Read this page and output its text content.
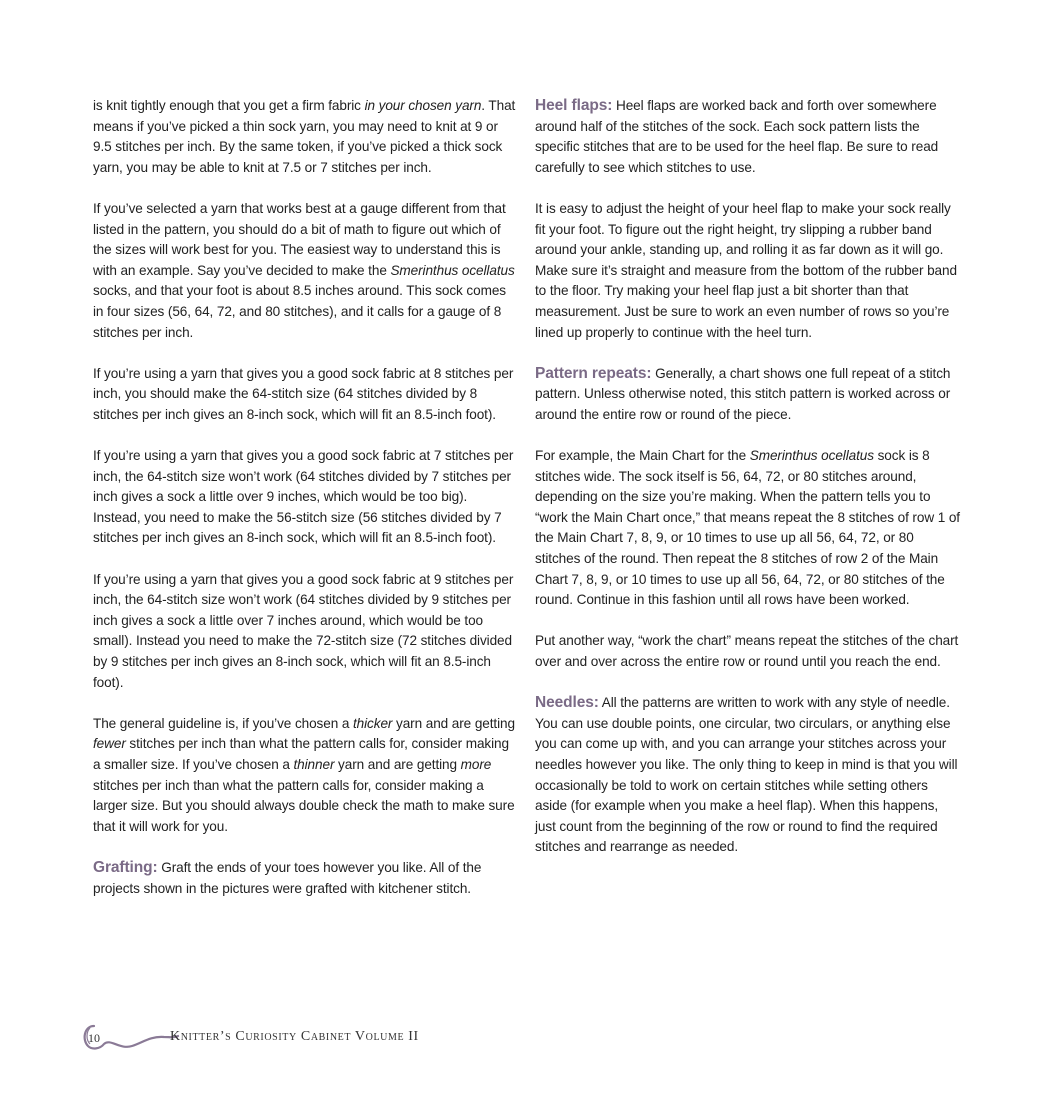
is knit tightly enough that you get a firm fabric in your chosen yarn. That means if you’ve picked a thin sock yarn, you may need to knit at 9 or 9.5 stitches per inch. By the same token, if you’ve picked a thick sock yarn, you may be able to knit at 7.5 or 7 stitches per inch.

If you’ve selected a yarn that works best at a gauge different from that listed in the pattern, you should do a bit of math to figure out which of the sizes will work best for you. The easiest way to understand this is with an example. Say you’ve decided to make the Smerinthus ocellatus socks, and that your foot is about 8.5 inches around. This sock comes in four sizes (56, 64, 72, and 80 stitches), and it calls for a gauge of 8 stitches per inch.

If you’re using a yarn that gives you a good sock fabric at 8 stitches per inch, you should make the 64-stitch size (64 stitches divided by 8 stitches per inch gives an 8-inch sock, which will fit an 8.5-inch foot).

If you’re using a yarn that gives you a good sock fabric at 7 stitches per inch, the 64-stitch size won’t work (64 stitches divided by 7 stitches per inch gives a sock a little over 9 inches, which would be too big). Instead, you need to make the 56-stitch size (56 stitches divided by 7 stitches per inch gives an 8-inch sock, which will fit an 8.5-inch foot).

If you’re using a yarn that gives you a good sock fabric at 9 stitches per inch, the 64-stitch size won’t work (64 stitches divided by 9 stitches per inch gives a sock a little over 7 inches around, which would be too small). Instead you need to make the 72-stitch size (72 stitches divided by 9 stitches per inch gives an 8-inch sock, which will fit an 8.5-inch foot).

The general guideline is, if you’ve chosen a thicker yarn and are getting fewer stitches per inch than what the pattern calls for, consider making a smaller size. If you’ve chosen a thinner yarn and are getting more stitches per inch than what the pattern calls for, consider making a larger size. But you should always double check the math to make sure that it will work for you.

Grafting: Graft the ends of your toes however you like. All of the projects shown in the pictures were grafted with kitchener stitch.

Heel flaps: Heel flaps are worked back and forth over somewhere around half of the stitches of the sock. Each sock pattern lists the specific stitches that are to be used for the heel flap. Be sure to read carefully to see which stitches to use.

It is easy to adjust the height of your heel flap to make your sock really fit your foot. To figure out the right height, try slipping a rubber band around your ankle, standing up, and rolling it as far down as it will go. Make sure it’s straight and measure from the bottom of the rubber band to the floor. Try making your heel flap just a bit shorter than that measurement. Just be sure to work an even number of rows so you’re lined up properly to continue with the heel turn.

Pattern repeats: Generally, a chart shows one full repeat of a stitch pattern. Unless otherwise noted, this stitch pattern is worked across or around the entire row or round of the piece.

For example, the Main Chart for the Smerinthus ocellatus sock is 8 stitches wide. The sock itself is 56, 64, 72, or 80 stitches around, depending on the size you’re making. When the pattern tells you to “work the Main Chart once,” that means repeat the 8 stitches of row 1 of the Main Chart 7, 8, 9, or 10 times to use up all 56, 64, 72, or 80 stitches of the round. Then repeat the 8 stitches of row 2 of the Main Chart 7, 8, 9, or 10 times to use up all 56, 64, 72, or 80 stitches of the round. Continue in this fashion until all rows have been worked.

Put another way, “work the chart” means repeat the stitches of the chart over and over across the entire row or round until you reach the end.

Needles: All the patterns are written to work with any style of needle. You can use double points, one circular, two circulars, or anything else you can come up with, and you can arrange your stitches across your needles however you like. The only thing to keep in mind is that you will occasionally be told to work on certain stitches while setting others aside (for example when you make a heel flap). When this happens, just count from the beginning of the row or round to find the required stitches and rearrange as needed.

10	Knitter’s Curiosity Cabinet Volume II
